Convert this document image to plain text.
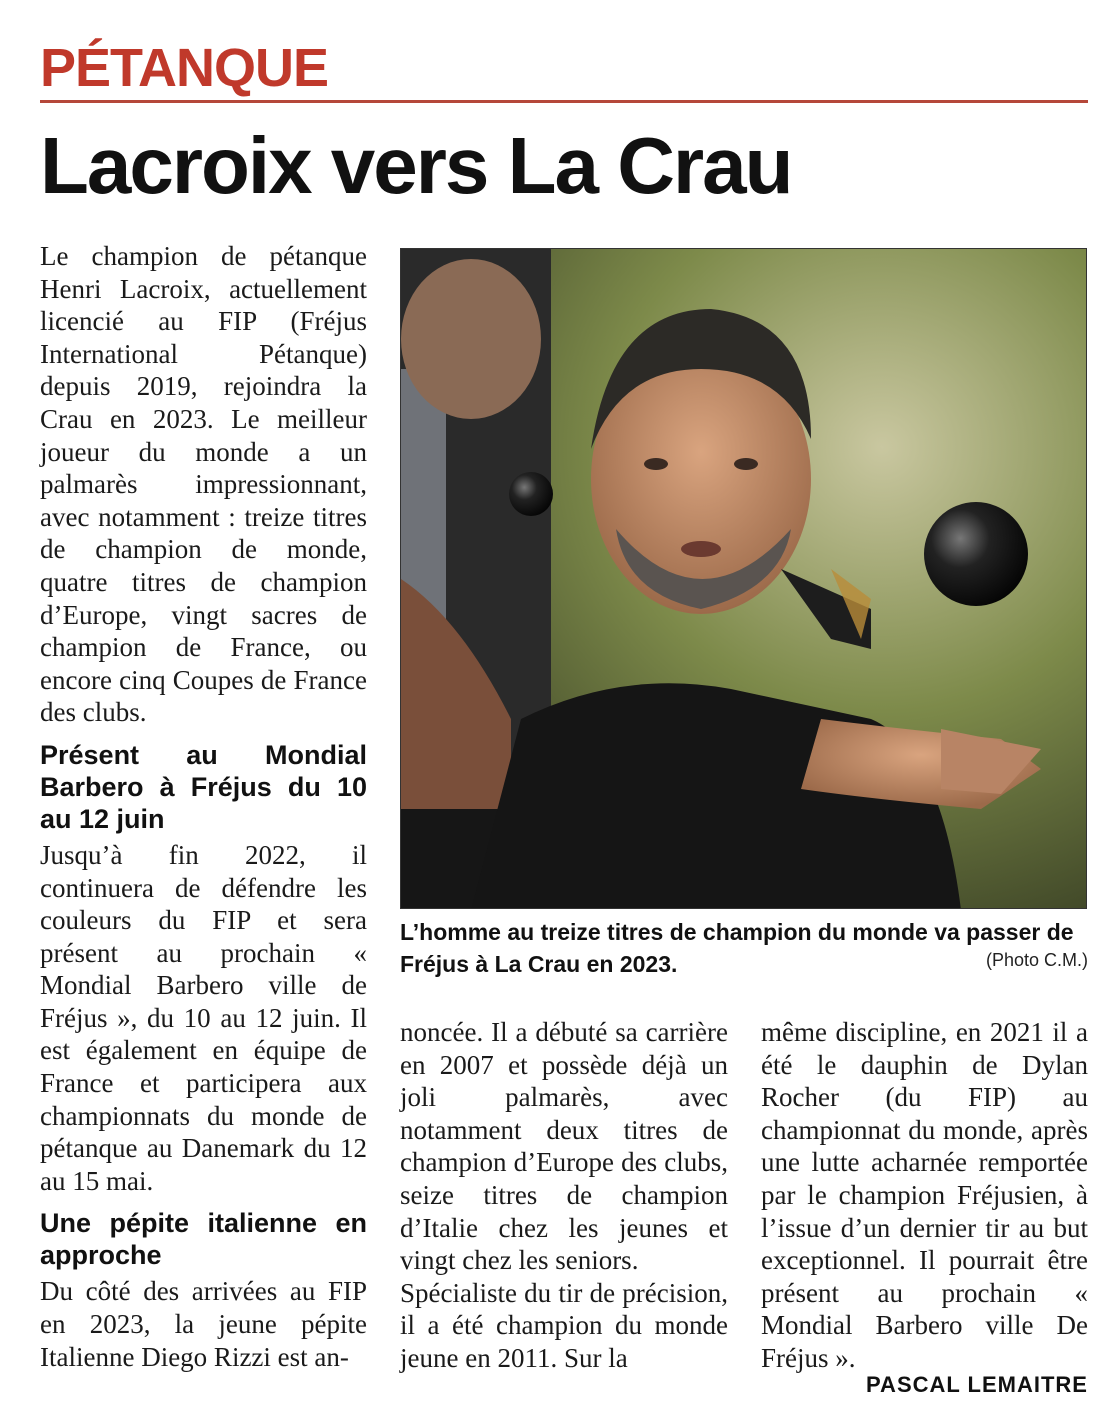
PÉTANQUE
Lacroix vers La Crau

Le champion de pétanque Henri Lacroix, actuellement licencié au FIP (Fréjus International Pétanque) depuis 2019, rejoindra la Crau en 2023. Le meilleur joueur du monde a un palmarès impressionnant, avec notamment : treize titres de champion de monde, quatre titres de champion d’Europe, vingt sacres de champion de France, ou encore cinq Coupes de France des clubs.

Présent au Mondial Barbero à Fréjus du 10 au 12 juin

Jusqu’à fin 2022, il continuera de défendre les couleurs du FIP et sera présent au prochain « Mondial Barbero ville de Fréjus », du 10 au 12 juin. Il est également en équipe de France et participera aux championnats du monde de pétanque au Danemark du 12 au 15 mai.

Une pépite italienne en approche

Du côté des arrivées au FIP en 2023, la jeune pépite Italienne Diego Rizzi est an-

L’homme au treize titres de champion du monde va passer de Fréjus à La Crau en 2023.	(Photo C.M.)

noncée. Il a débuté sa carrière en 2007 et possède déjà un joli palmarès, avec notamment deux titres de champion d’Europe des clubs, seize titres de champion d’Italie chez les jeunes et vingt chez les seniors.

Spécialiste du tir de précision, il a été champion du monde jeune en 2011. Sur la

même discipline, en 2021 il a été le dauphin de Dylan Rocher (du FIP) au championnat du monde, après une lutte acharnée remportée par le champion Fréjusien, à l’issue d’un dernier tir au but exceptionnel. Il pourrait être présent au prochain « Mondial Barbero ville De Fréjus ».

PASCAL LEMAITRE
